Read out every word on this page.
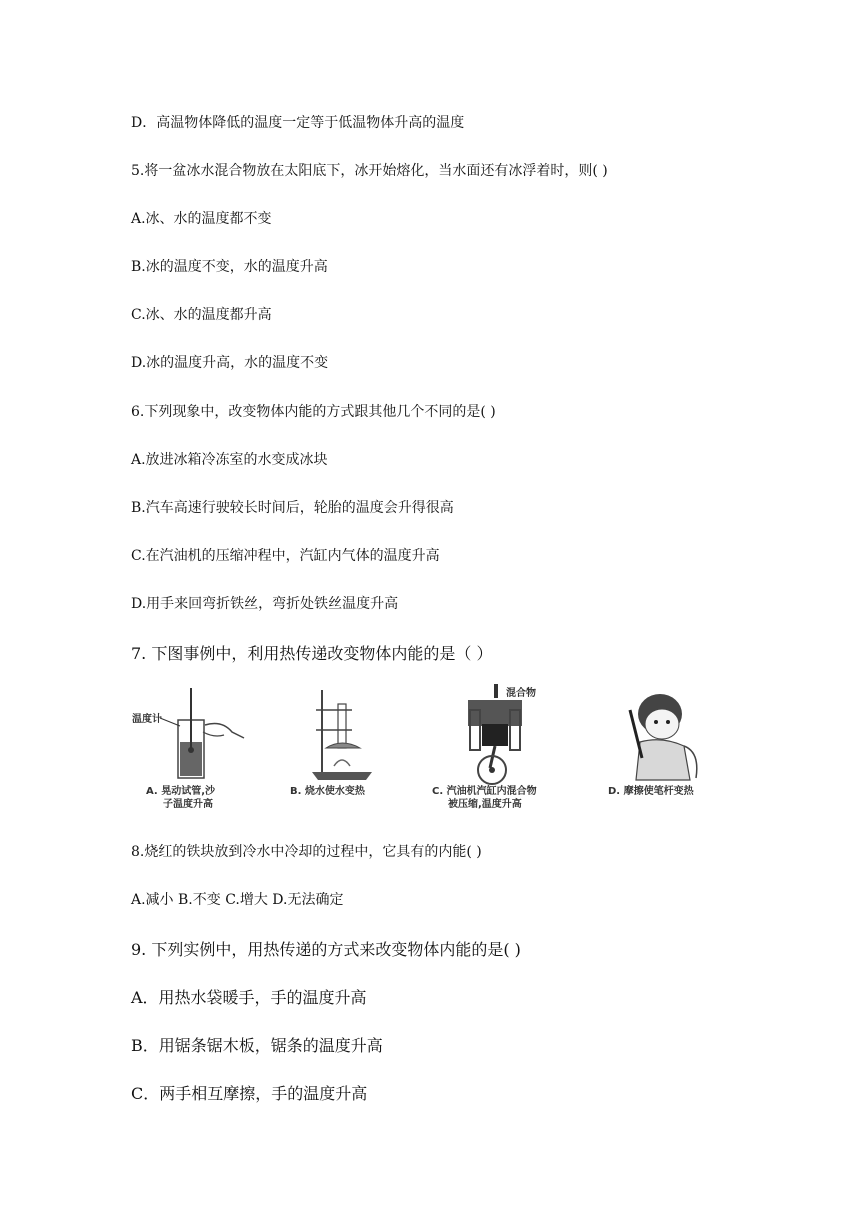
D．高温物体降低的温度一定等于低温物体升高的温度
5.将一盆冰水混合物放在太阳底下，冰开始熔化，当水面还有冰浮着时，则( )
A.冰、水的温度都不变
B.冰的温度不变，水的温度升高
C.冰、水的温度都升高
D.冰的温度升高，水的温度不变
6.下列现象中，改变物体内能的方式跟其他几个不同的是( )
A.放进冰箱冷冻室的水变成冰块
B.汽车高速行驶较长时间后，轮胎的温度会升得很高
C.在汽油机的压缩冲程中，汽缸内气体的温度升高
D.用手来回弯折铁丝，弯折处铁丝温度升高
7. 下图事例中，利用热传递改变物体内能的是（ ）
温度计
A. 晃动试管,沙
子温度升高
B. 烧水使水变热
混合物
C. 汽油机汽缸内混合物
被压缩,温度升高
D. 摩擦使笔杆变热
8.烧红的铁块放到冷水中冷却的过程中，它具有的内能( )
A.减小 B.不变 C.增大 D.无法确定
9. 下列实例中，用热传递的方式来改变物体内能的是( )
A．用热水袋暖手，手的温度升高
B．用锯条锯木板，锯条的温度升高
C．两手相互摩擦，手的温度升高
